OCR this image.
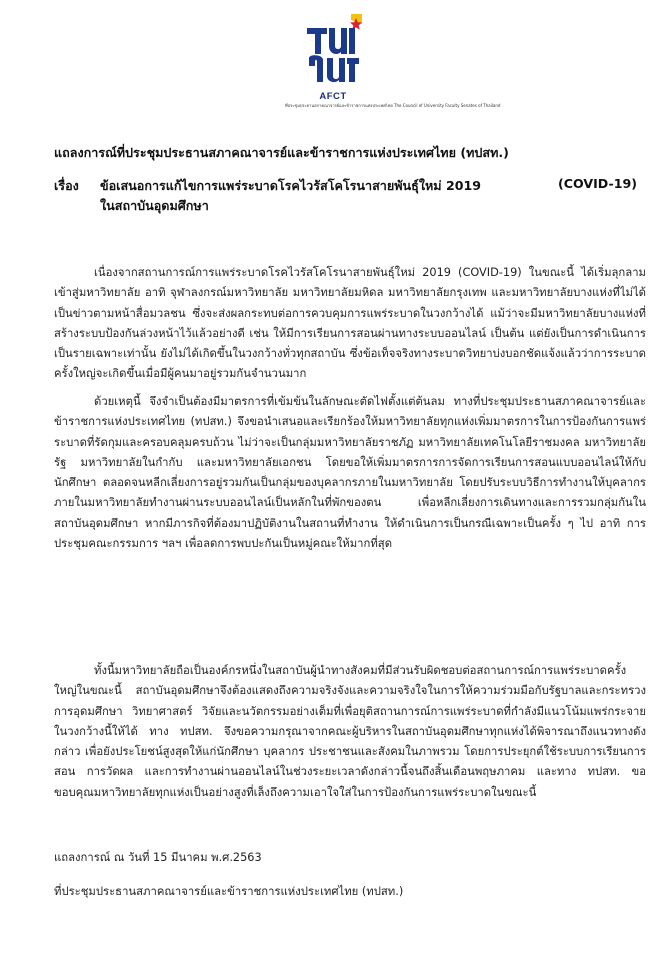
AFCT
ที่ประชุมประธานสภาคณาจารย์และข้าราชการแห่งประเทศไทย The Council of University Faculty Senates of Thailand
แถลงการณ์ที่ประชุมประธานสภาคณาจารย์และข้าราชการแห่งประเทศไทย (ทปสท.)
เรื่อง ข้อเสนอการแก้ไขการแพร่ระบาดโรคไวรัสโคโรนาสายพันธุ์ใหม่ 2019	(COVID-19)
ในสถาบันอุดมศึกษา

เนื่องจากสถานการณ์การแพร่ระบาดโรคไวรัสโคโรนาสายพันธุ์ใหม่ 2019 (COVID-19) ในขณะนี้ ได้เริ่มลุกลามเข้าสู่มหาวิทยาลัย อาทิ จุฬาลงกรณ์มหาวิทยาลัย มหาวิทยาลัยมหิดล มหาวิทยาลัยกรุงเทพ และมหาวิทยาลัยบางแห่งที่ไม่ได้เป็นข่าวตามหน้าสื่อมวลชน ซึ่งจะส่งผลกระทบต่อการควบคุมการแพร่ระบาดในวงกว้างได้ แม้ว่าจะมีมหาวิทยาลัยบางแห่งที่สร้างระบบป้องกันล่วงหน้าไว้แล้วอย่างดี เช่น ให้มีการเรียนการสอนผ่านทางระบบออนไลน์ เป็นต้น แต่ยังเป็นการดำเนินการเป็นรายเฉพาะเท่านั้น ยังไม่ได้เกิดขึ้นในวงกว้างทั่วทุกสถาบัน ซึ่งข้อเท็จจริงทางระบาดวิทยาบ่งบอกชัดแจ้งแล้วว่าการระบาดครั้งใหญ่จะเกิดขึ้นเมื่อมีผู้คนมาอยู่รวมกันจำนวนมาก

ด้วยเหตุนี้ จึงจำเป็นต้องมีมาตรการที่เข้มข้นในลักษณะตัดไฟตั้งแต่ต้นลม ทางที่ประชุมประธานสภาคณาจารย์และข้าราชการแห่งประเทศไทย (ทปสท.) จึงขอนำเสนอและเรียกร้องให้มหาวิทยาลัยทุกแห่งเพิ่มมาตรการในการป้องกันการแพร่ระบาดที่รัดกุมและครอบคลุมครบถ้วน ไม่ว่าจะเป็นกลุ่มมหาวิทยาลัยราชภัฏ มหาวิทยาลัยเทคโนโลยีราชมงคล มหาวิทยาลัยรัฐ มหาวิทยาลัยในกำกับ และมหาวิทยาลัยเอกชน โดยขอให้เพิ่มมาตรการการจัดการเรียนการสอนแบบออนไลน์ให้กับนักศึกษา ตลอดจนหลีกเลี่ยงการอยู่รวมกันเป็นกลุ่มของบุคลากรภายในมหาวิทยาลัย โดยปรับระบบวิธีการทำงานให้บุคลากรภายในมหาวิทยาลัยทำงานผ่านระบบออนไลน์เป็นหลักในที่พักของตน เพื่อหลีกเลี่ยงการเดินทางและการรวมกลุ่มกันในสถาบันอุดมศึกษา หากมีภารกิจที่ต้องมาปฏิบัติงานในสถานที่ทำงาน ให้ดำเนินการเป็นกรณีเฉพาะเป็นครั้ง ๆ ไป อาทิ การประชุมคณะกรรมการ ฯลฯ เพื่อลดการพบปะกันเป็นหมู่คณะให้มากที่สุด

ทั้งนี้มหาวิทยาลัยถือเป็นองค์กรหนึ่งในสถาบันผู้นำทางสังคมที่มีส่วนรับผิดชอบต่อสถานการณ์การแพร่ระบาดครั้งใหญ่ในขณะนี้ สถาบันอุดมศึกษาจึงต้องแสดงถึงความจริงจังและความจริงใจในการให้ความร่วมมือกับรัฐบาลและกระทรวงการอุดมศึกษา วิทยาศาสตร์ วิจัยและนวัตกรรมอย่างเต็มที่เพื่อยุติสถานการณ์การแพร่ระบาดที่กำลังมีแนวโน้มแพร่กระจายในวงกว้างนี้ให้ได้ ทาง ทปสท. จึงขอความกรุณาจากคณะผู้บริหารในสถาบันอุดมศึกษาทุกแห่งได้พิจารณาถึงแนวทางดังกล่าว เพื่อยังประโยชน์สูงสุดให้แก่นักศึกษา บุคลากร ประชาชนและสังคมในภาพรวม โดยการประยุกต์ใช้ระบบการเรียนการสอน การวัดผล และการทำงานผ่านออนไลน์ในช่วงระยะเวลาดังกล่าวนี้จนถึงสิ้นเดือนพฤษภาคม และทาง ทปสท. ขอขอบคุณมหาวิทยาลัยทุกแห่งเป็นอย่างสูงที่เล็งถึงความเอาใจใส่ในการป้องกันการแพร่ระบาดในขณะนี้

แถลงการณ์ ณ วันที่ 15 มีนาคม พ.ศ.2563
ที่ประชุมประธานสภาคณาจารย์และข้าราชการแห่งประเทศไทย (ทปสท.)
